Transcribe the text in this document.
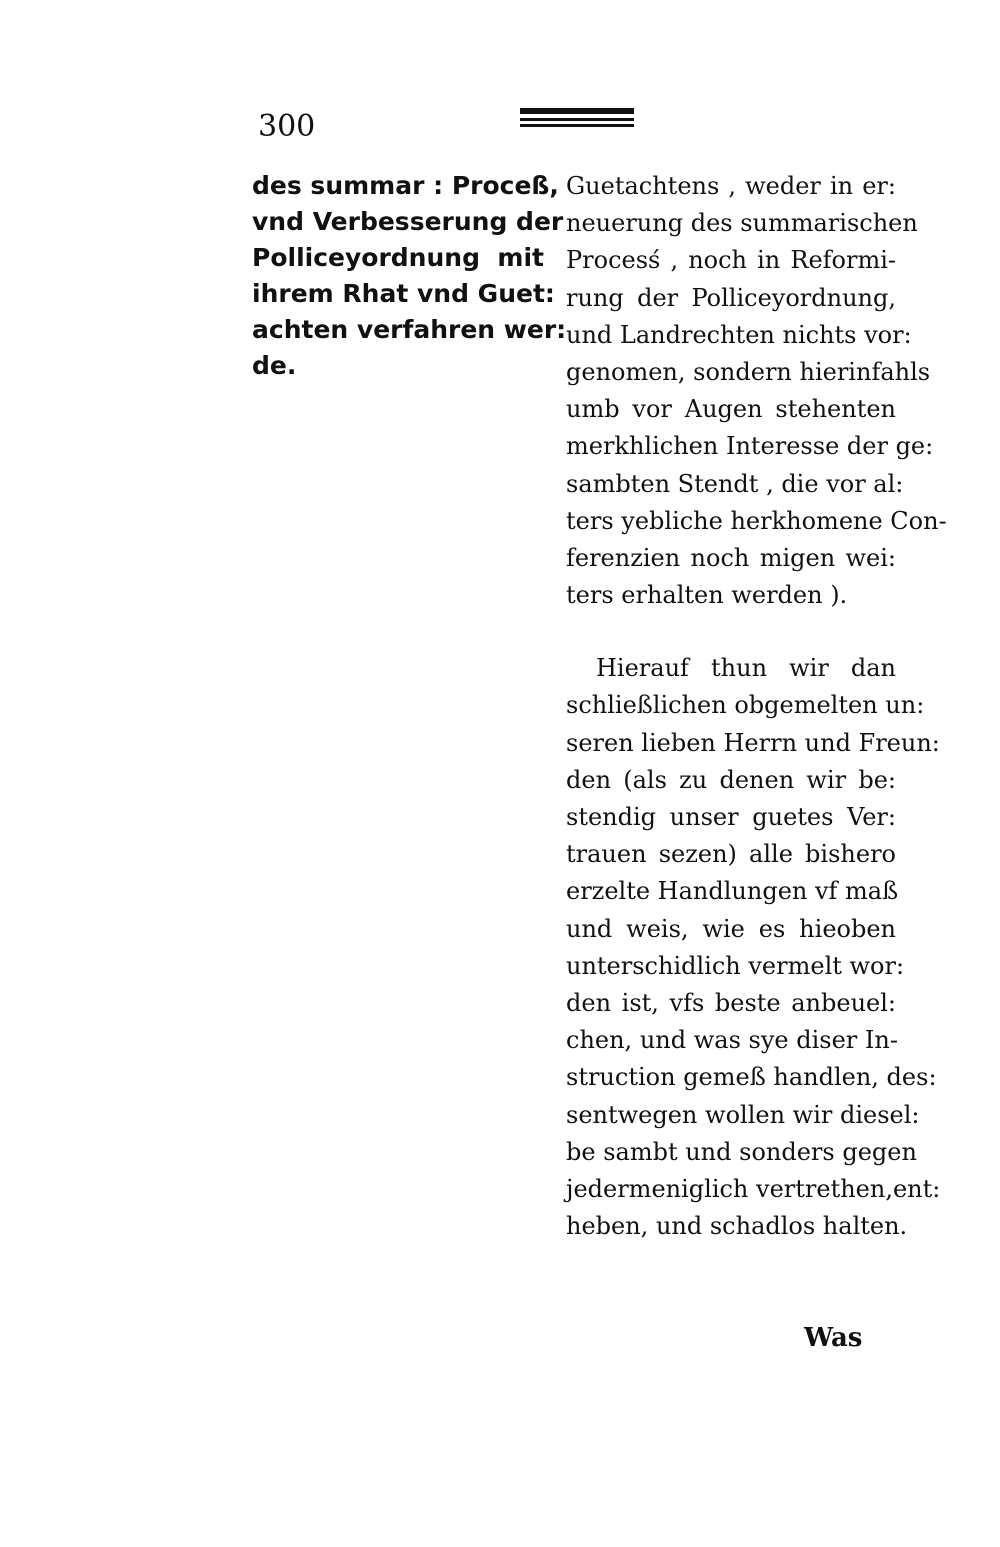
300
des summar : Proceß,
vnd Verbesserung der
Polliceyordnung mit
ihrem Rhat vnd Guet:
achten verfahren wer:
de.
Guetachtens , weder in er:
neuerung des summarischen
Procesś , noch in Reformi-
rung der Polliceyordnung,
und Landrechten nichts vor:
genomen, sondern hierinfahls
umb vor Augen stehenten
merkhlichen Interesse der ge:
sambten Stendt , die vor al:
ters yebliche herkhomene Con-
ferenzien noch migen wei:
ters erhalten werden ).
Hierauf thun wir dan
schließlichen obgemelten un:
seren lieben Herrn und Freun:
den (als zu denen wir be:
stendig unser guetes Ver:
trauen sezen) alle bishero
erzelte Handlungen vf maß
und weis, wie es hieoben
unterschidlich vermelt wor:
den ist, vfs beste anbeuel:
chen, und was sye diser In-
struction gemeß handlen, des:
sentwegen wollen wir diesel:
be sambt und sonders gegen
jedermeniglich vertrethen,ent:
heben, und schadlos halten.
Was
